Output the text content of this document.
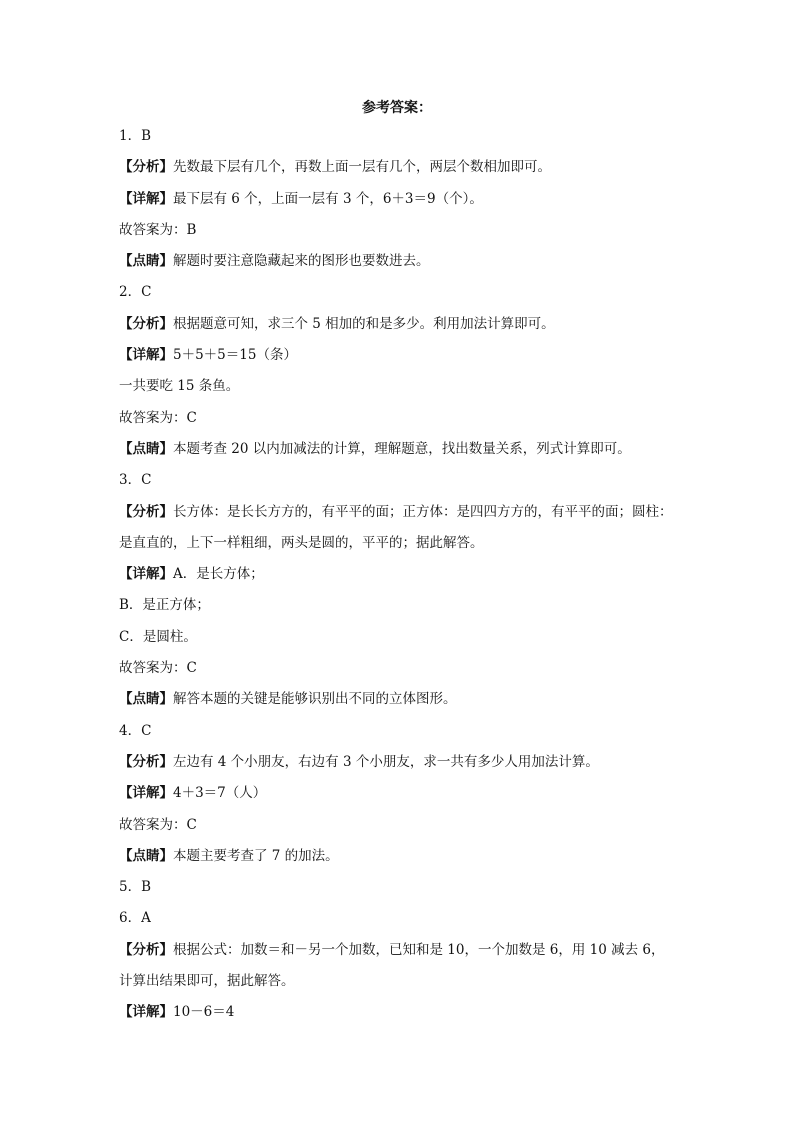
参考答案：
1．B
【分析】先数最下层有几个，再数上面一层有几个，两层个数相加即可。
【详解】最下层有 6 个，上面一层有 3 个，6＋3＝9（个）。
故答案为：B
【点睛】解题时要注意隐藏起来的图形也要数进去。
2．C
【分析】根据题意可知，求三个 5 相加的和是多少。利用加法计算即可。
【详解】5＋5＋5＝15（条）
一共要吃 15 条鱼。
故答案为：C
【点睛】本题考查 20 以内加减法的计算，理解题意，找出数量关系，列式计算即可。
3．C
【分析】长方体：是长长方方的，有平平的面；正方体：是四四方方的，有平平的面；圆柱：
是直直的，上下一样粗细，两头是圆的，平平的；据此解答。
【详解】A．是长方体；
B．是正方体；
C．是圆柱。
故答案为：C
【点睛】解答本题的关键是能够识别出不同的立体图形。
4．C
【分析】左边有 4 个小朋友，右边有 3 个小朋友，求一共有多少人用加法计算。
【详解】4＋3＝7（人）
故答案为：C
【点睛】本题主要考查了 7 的加法。
5．B
6．A
【分析】根据公式：加数＝和－另一个加数，已知和是 10，一个加数是 6，用 10 减去 6，
计算出结果即可，据此解答。
【详解】10－6＝4
